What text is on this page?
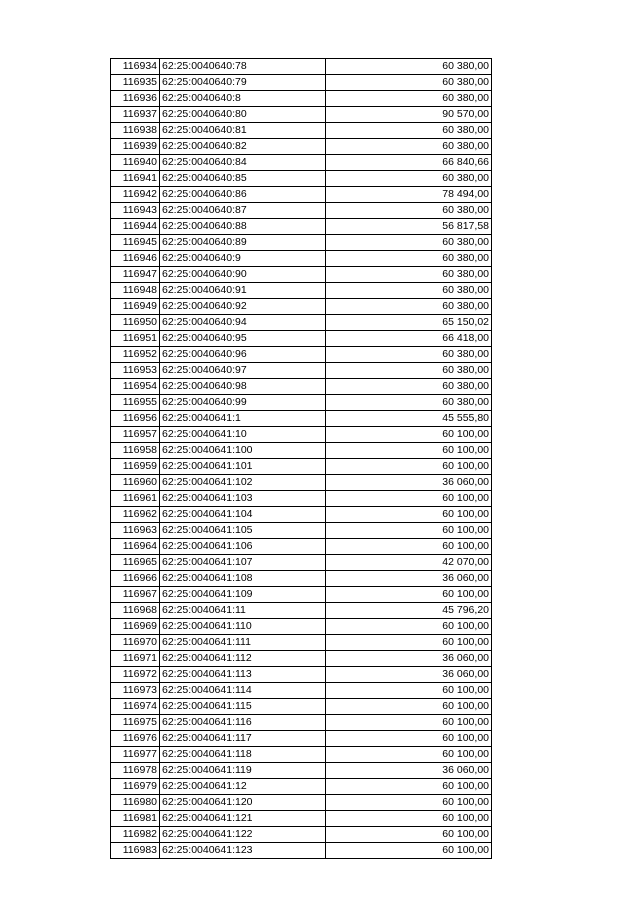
116934	62:25:0040640:78	60 380,00
116935	62:25:0040640:79	60 380,00
116936	62:25:0040640:8	60 380,00
116937	62:25:0040640:80	90 570,00
116938	62:25:0040640:81	60 380,00
116939	62:25:0040640:82	60 380,00
116940	62:25:0040640:84	66 840,66
116941	62:25:0040640:85	60 380,00
116942	62:25:0040640:86	78 494,00
116943	62:25:0040640:87	60 380,00
116944	62:25:0040640:88	56 817,58
116945	62:25:0040640:89	60 380,00
116946	62:25:0040640:9	60 380,00
116947	62:25:0040640:90	60 380,00
116948	62:25:0040640:91	60 380,00
116949	62:25:0040640:92	60 380,00
116950	62:25:0040640:94	65 150,02
116951	62:25:0040640:95	66 418,00
116952	62:25:0040640:96	60 380,00
116953	62:25:0040640:97	60 380,00
116954	62:25:0040640:98	60 380,00
116955	62:25:0040640:99	60 380,00
116956	62:25:0040641:1	45 555,80
116957	62:25:0040641:10	60 100,00
116958	62:25:0040641:100	60 100,00
116959	62:25:0040641:101	60 100,00
116960	62:25:0040641:102	36 060,00
116961	62:25:0040641:103	60 100,00
116962	62:25:0040641:104	60 100,00
116963	62:25:0040641:105	60 100,00
116964	62:25:0040641:106	60 100,00
116965	62:25:0040641:107	42 070,00
116966	62:25:0040641:108	36 060,00
116967	62:25:0040641:109	60 100,00
116968	62:25:0040641:11	45 796,20
116969	62:25:0040641:110	60 100,00
116970	62:25:0040641:111	60 100,00
116971	62:25:0040641:112	36 060,00
116972	62:25:0040641:113	36 060,00
116973	62:25:0040641:114	60 100,00
116974	62:25:0040641:115	60 100,00
116975	62:25:0040641:116	60 100,00
116976	62:25:0040641:117	60 100,00
116977	62:25:0040641:118	60 100,00
116978	62:25:0040641:119	36 060,00
116979	62:25:0040641:12	60 100,00
116980	62:25:0040641:120	60 100,00
116981	62:25:0040641:121	60 100,00
116982	62:25:0040641:122	60 100,00
116983	62:25:0040641:123	60 100,00
